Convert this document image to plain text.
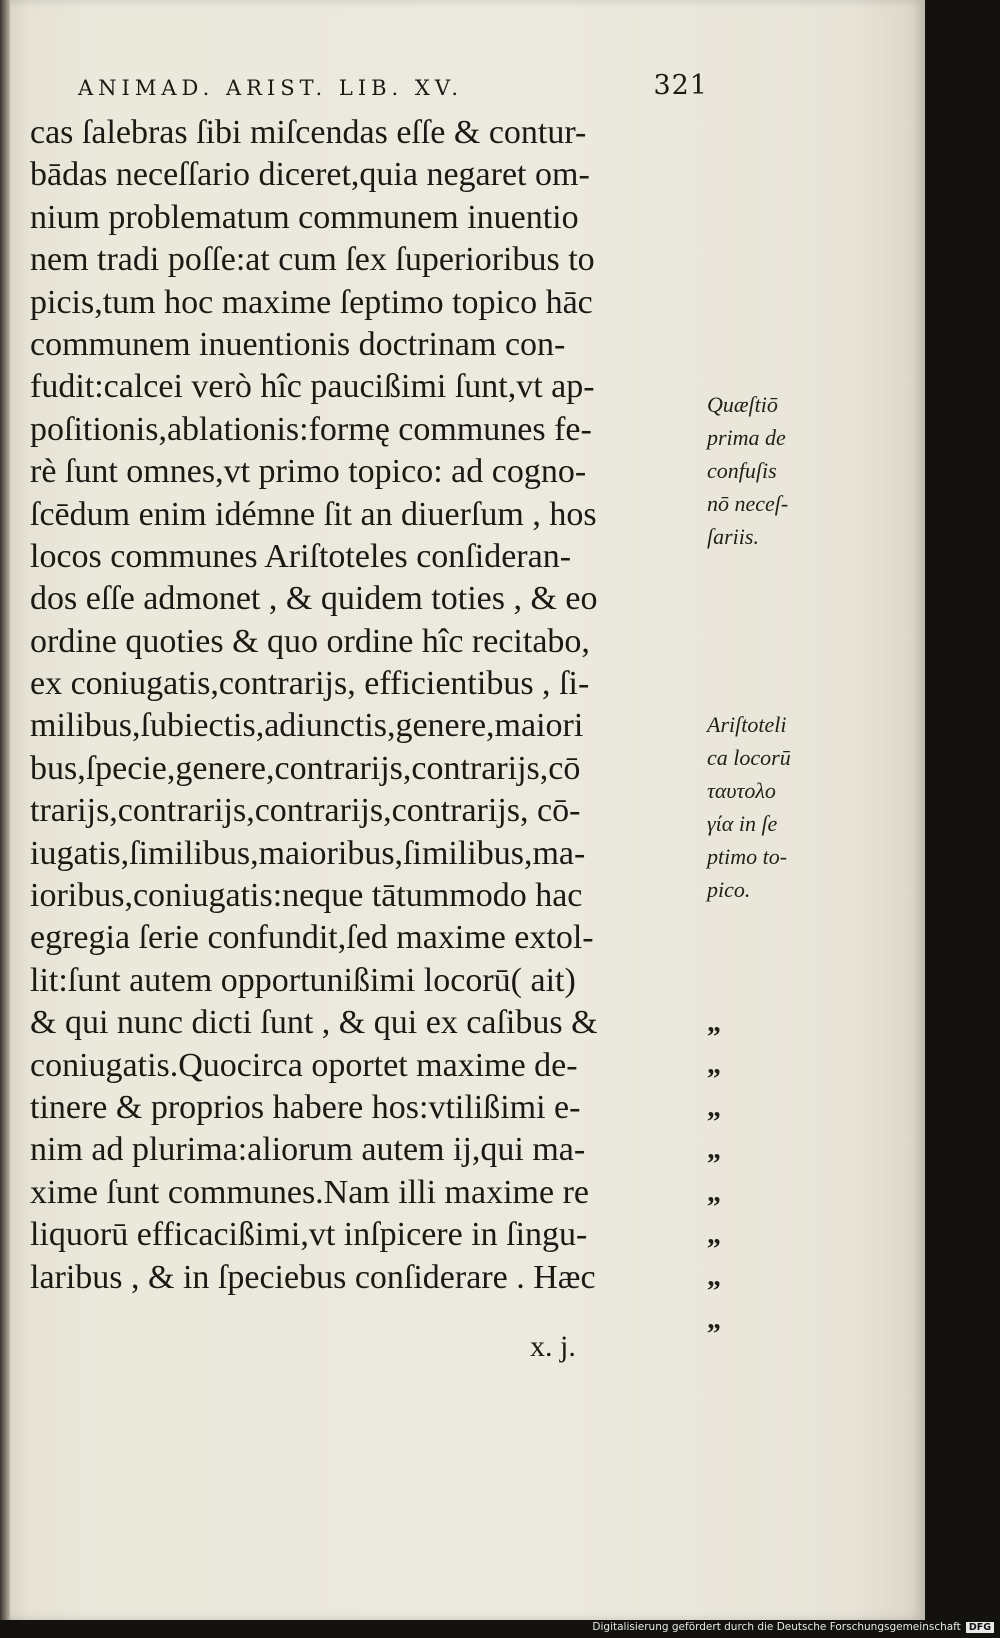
ANIMAD. ARIST. LIB. XV.	321
cas ſalebras ſibi miſcendas eſſe & contur-
bādas neceſſario diceret,quia negaret om-
nium problematum communem inuentio
nem tradi poſſe:at cum ſex ſuperioribus to
picis,tum hoc maxime ſeptimo topico hāc
communem inuentionis doctrinam con-
fudit:calcei verò hîc paucißimi ſunt,vt ap-
poſitionis,ablationis:formę communes fe-
rè ſunt omnes,vt primo topico: ad cogno-
ſcēdum enim idémne ſit an diuerſum , hos
locos communes Ariſtoteles conſideran-
dos eſſe admonet , & quidem toties , & eo
ordine quoties & quo ordine hîc recitabo,
ex coniugatis,contrarijs, efficientibus , ſi-
milibus,ſubiectis,adiunctis,genere,maiori
bus,ſpecie,genere,contrarijs,contrarijs,cō
trarijs,contrarijs,contrarijs,contrarijs, cō-
iugatis,ſimilibus,maioribus,ſimilibus,ma-
ioribus,coniugatis:neque tātummodo hac
egregia ſerie confundit,ſed maxime extol-
lit:ſunt autem opportunißimi locorū( ait)
& qui nunc dicti ſunt , & qui ex caſibus &
coniugatis.Quocirca oportet maxime de-
tinere & proprios habere hos:vtilißimi e-
nim ad plurima:aliorum autem ij,qui ma-
xime ſunt communes.Nam illi maxime re
liquorū efficacißimi,vt inſpicere in ſingu-
laribus , & in ſpeciebus conſiderare . Hæc
Quæſtiō
prima de
confuſis
nō neceſ-
ſariis.
Ariſtoteli
ca locorū
ταυτολο
γία in ſe
ptimo to-
pico.
„
„
„
„
„
„
„
„
x. j.
Digitalisierung gefördert durch die Deutsche Forschungsgemeinschaft DFG
